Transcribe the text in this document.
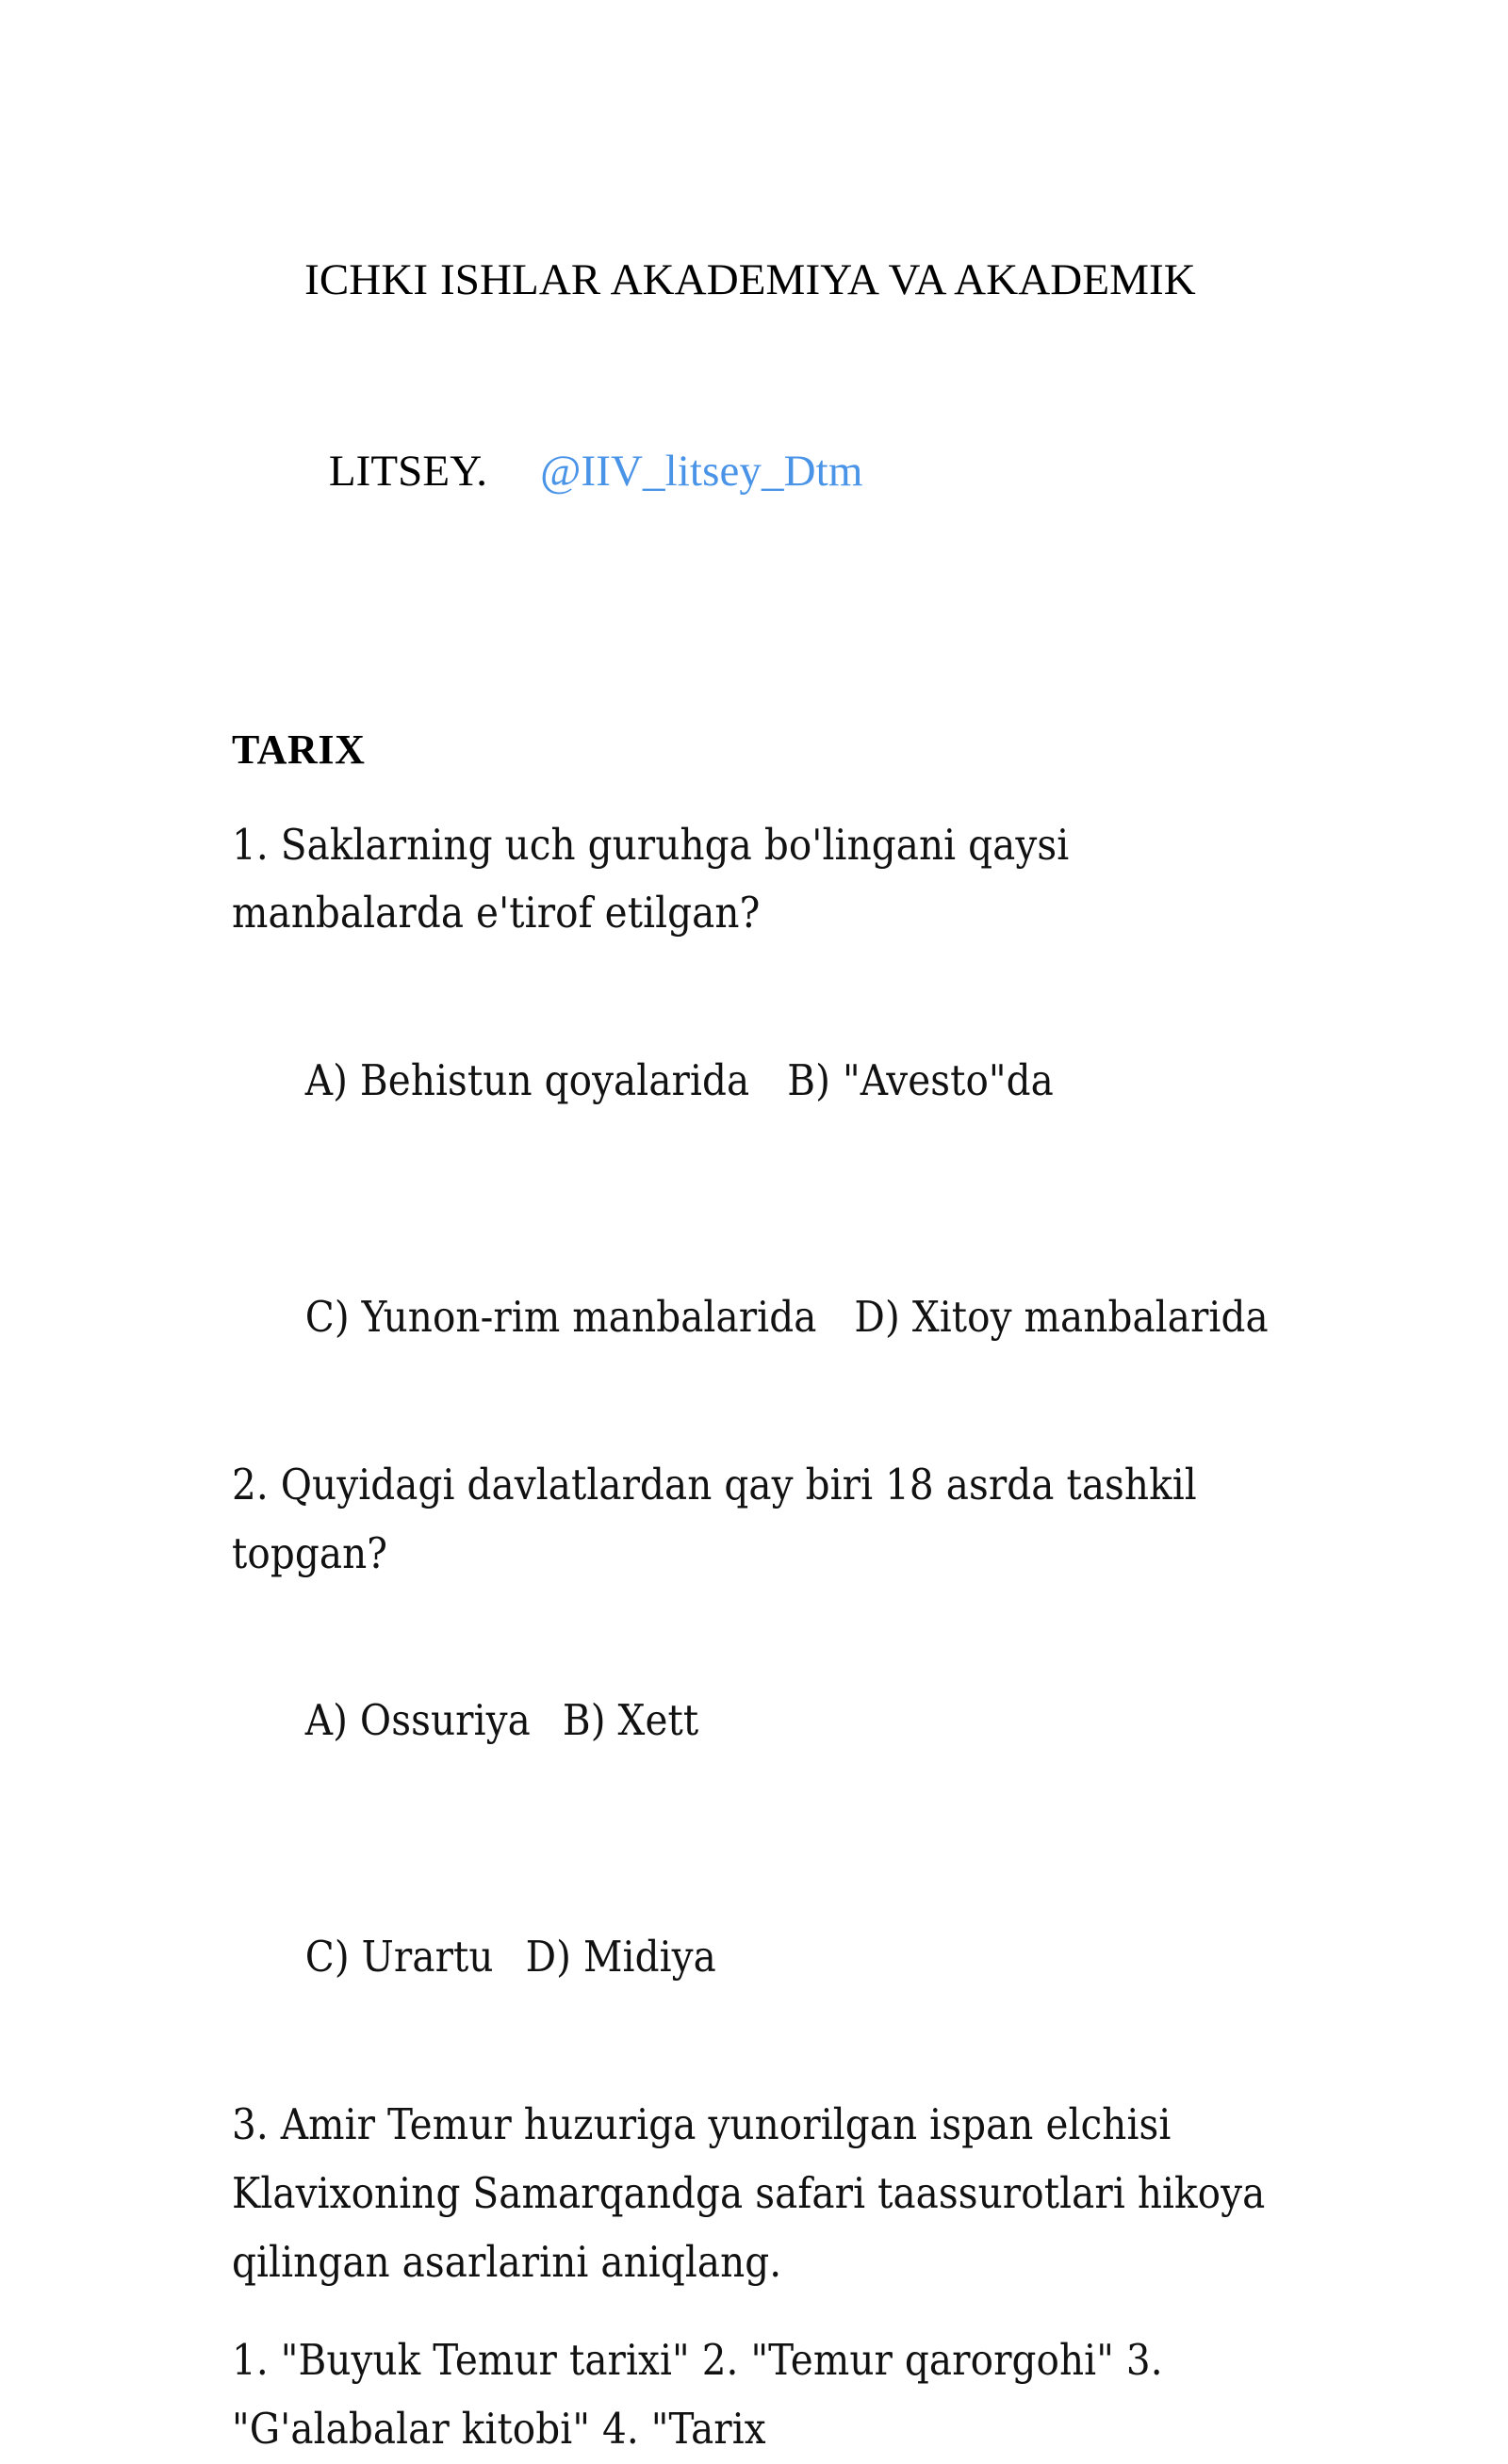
ICHKI ISHLAR AKADEMIYA VA AKADEMIK

LITSEY. @IIV_litsey_Dtm

TARIX

1. Saklarning uch guruhga bo'lingani qaysi manbalarda e'tirof etilgan?

A) Behistun qoyalarida B) "Avesto"da

C) Yunon-rim manbalarida D) Xitoy manbalarida

2. Quyidagi davlatlardan qay biri 18 asrda tashkil topgan?

A) Ossuriya B) Xett

C) Urartu D) Midiya

3. Amir Temur huzuriga yunorilgan ispan elchisi Klavixoning Samarqandga safari taassurotlari hikoya qilingan asarlarini aniqlang.

1. "Buyuk Temur tarixi" 2. "Temur qarorgohi" 3. "G'alabalar kitobi" 4. "Tarix
